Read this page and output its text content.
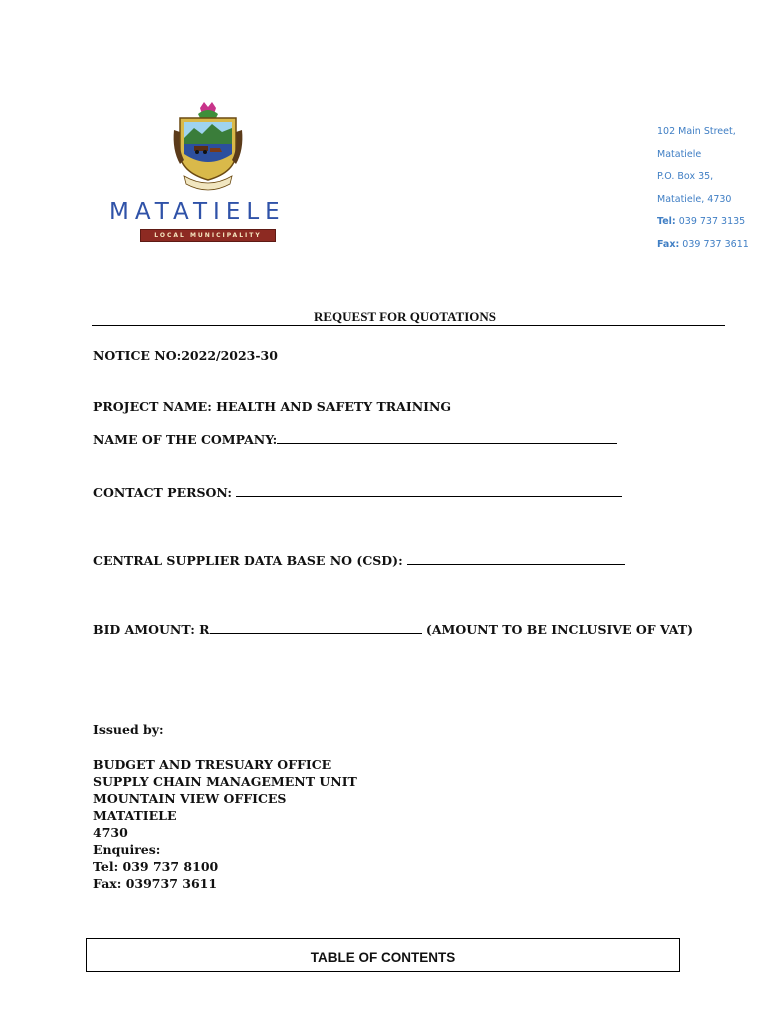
MATATIELE
LOCAL MUNICIPALITY
102 Main Street,
Matatiele
P.O. Box 35,
Matatiele, 4730
Tel: 039 737 3135
Fax: 039 737 3611
REQUEST FOR QUOTATIONS
NOTICE NO:2022/2023-30
PROJECT NAME: HEALTH AND SAFETY TRAINING
NAME OF THE COMPANY:
CONTACT PERSON:
CENTRAL SUPPLIER DATA BASE NO (CSD):
BID AMOUNT: R	(AMOUNT TO BE INCLUSIVE OF VAT)
Issued by:
BUDGET AND TRESUARY OFFICE
SUPPLY CHAIN MANAGEMENT UNIT
MOUNTAIN VIEW OFFICES
MATATIELE
4730
Enquires:
Tel: 039 737 8100
Fax: 039737 3611
TABLE OF CONTENTS
